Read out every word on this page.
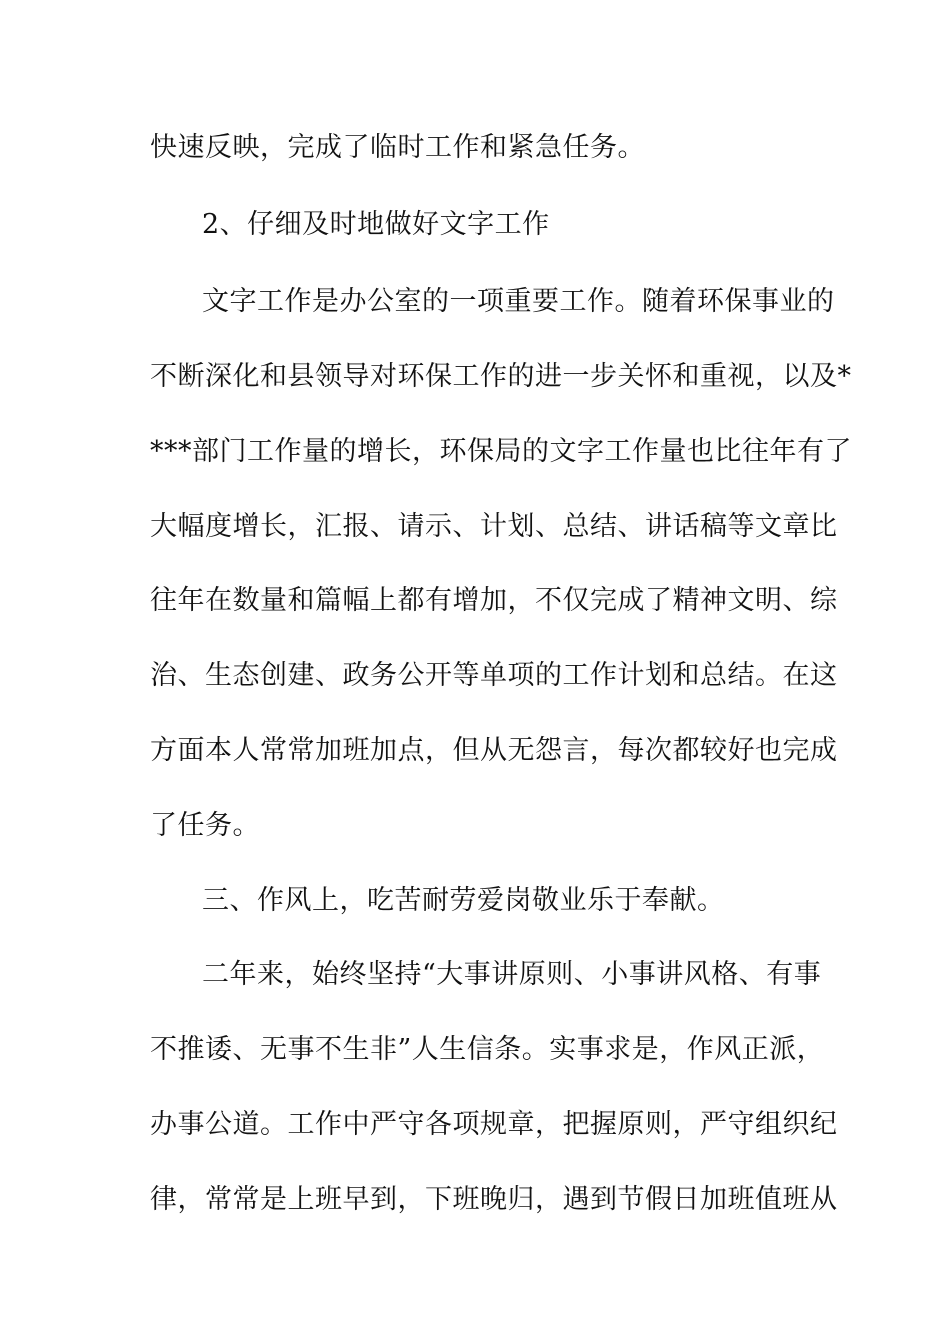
快速反映，完成了临时工作和紧急任务。
2、仔细及时地做好文字工作
文字工作是办公室的一项重要工作。随着环保事业的
不断深化和县领导对环保工作的进一步关怀和重视，以及*
***部门工作量的增长，环保局的文字工作量也比往年有了
大幅度增长，汇报、请示、计划、总结、讲话稿等文章比
往年在数量和篇幅上都有增加，不仅完成了精神文明、综
治、生态创建、政务公开等单项的工作计划和总结。在这
方面本人常常加班加点，但从无怨言，每次都较好也完成
了任务。
三、作风上，吃苦耐劳爱岗敬业乐于奉献。
二年来，始终坚持“大事讲原则、小事讲风格、有事
不推诿、无事不生非”人生信条。实事求是，作风正派，
办事公道。工作中严守各项规章，把握原则，严守组织纪
律，常常是上班早到，下班晚归，遇到节假日加班值班从
